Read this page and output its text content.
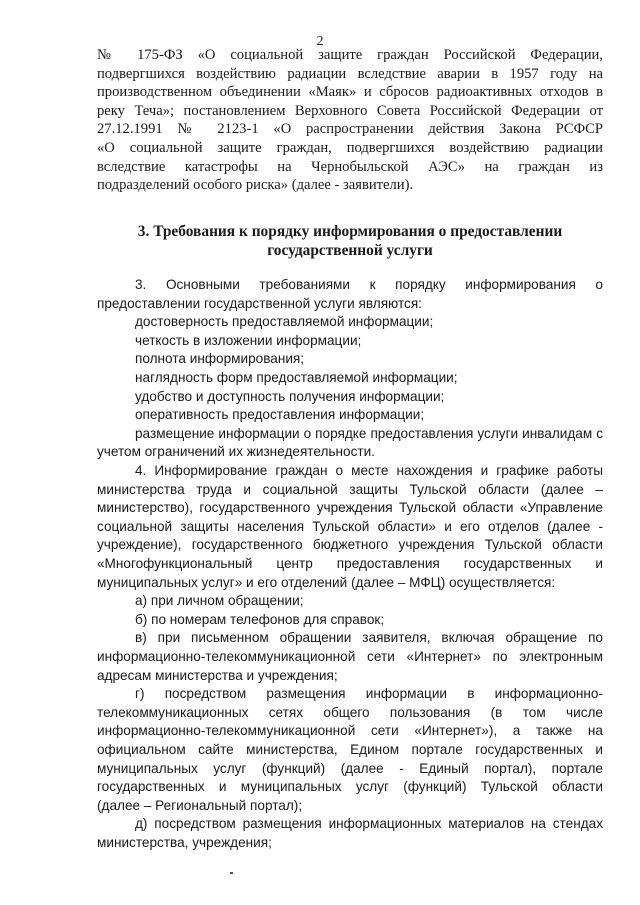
2
№ 175-ФЗ «О социальной защите граждан Российской Федерации,
подвергшихся воздействию радиации вследствие аварии в 1957 году на
производственном объединении «Маяк» и сбросов радиоактивных отходов в
реку Теча»; постановлением Верховного Совета Российской Федерации от
27.12.1991 № 2123-1 «О распространении действия Закона РСФСР
«О социальной защите граждан, подвергшихся воздействию радиации
вследствие катастрофы на Чернобыльской АЭС» на граждан из
подразделений особого риска» (далее - заявители).
3. Требования к порядку информирования о предоставлении
государственной услуги
3. Основными требованиями к порядку информирования о
предоставлении государственной услуги являются:
достоверность предоставляемой информации;
четкость в изложении информации;
полнота информирования;
наглядность форм предоставляемой информации;
удобство и доступность получения информации;
оперативность предоставления информации;
размещение информации о порядке предоставления услуги инвалидам с
учетом ограничений их жизнедеятельности.
4. Информирование граждан о месте нахождения и графике работы
министерства труда и социальной защиты Тульской области (далее –
министерство), государственного учреждения Тульской области «Управление
социальной защиты населения Тульской области» и его отделов (далее -
учреждение), государственного бюджетного учреждения Тульской области
«Многофункциональный центр предоставления государственных и
муниципальных услуг» и его отделений (далее – МФЦ) осуществляется:
а) при личном обращении;
б) по номерам телефонов для справок;
в) при письменном обращении заявителя, включая обращение по
информационно-телекоммуникационной сети «Интернет» по электронным
адресам министерства и учреждения;
г) посредством размещения информации в информационно-
телекоммуникационных сетях общего пользования (в том числе
информационно-телекоммуникационной сети «Интернет»), а также на
официальном сайте министерства, Едином портале государственных и
муниципальных услуг (функций) (далее - Единый портал), портале
государственных и муниципальных услуг (функций) Тульской области
(далее – Региональный портал);
д) посредством размещения информационных материалов на стендах
министерства, учреждения;
